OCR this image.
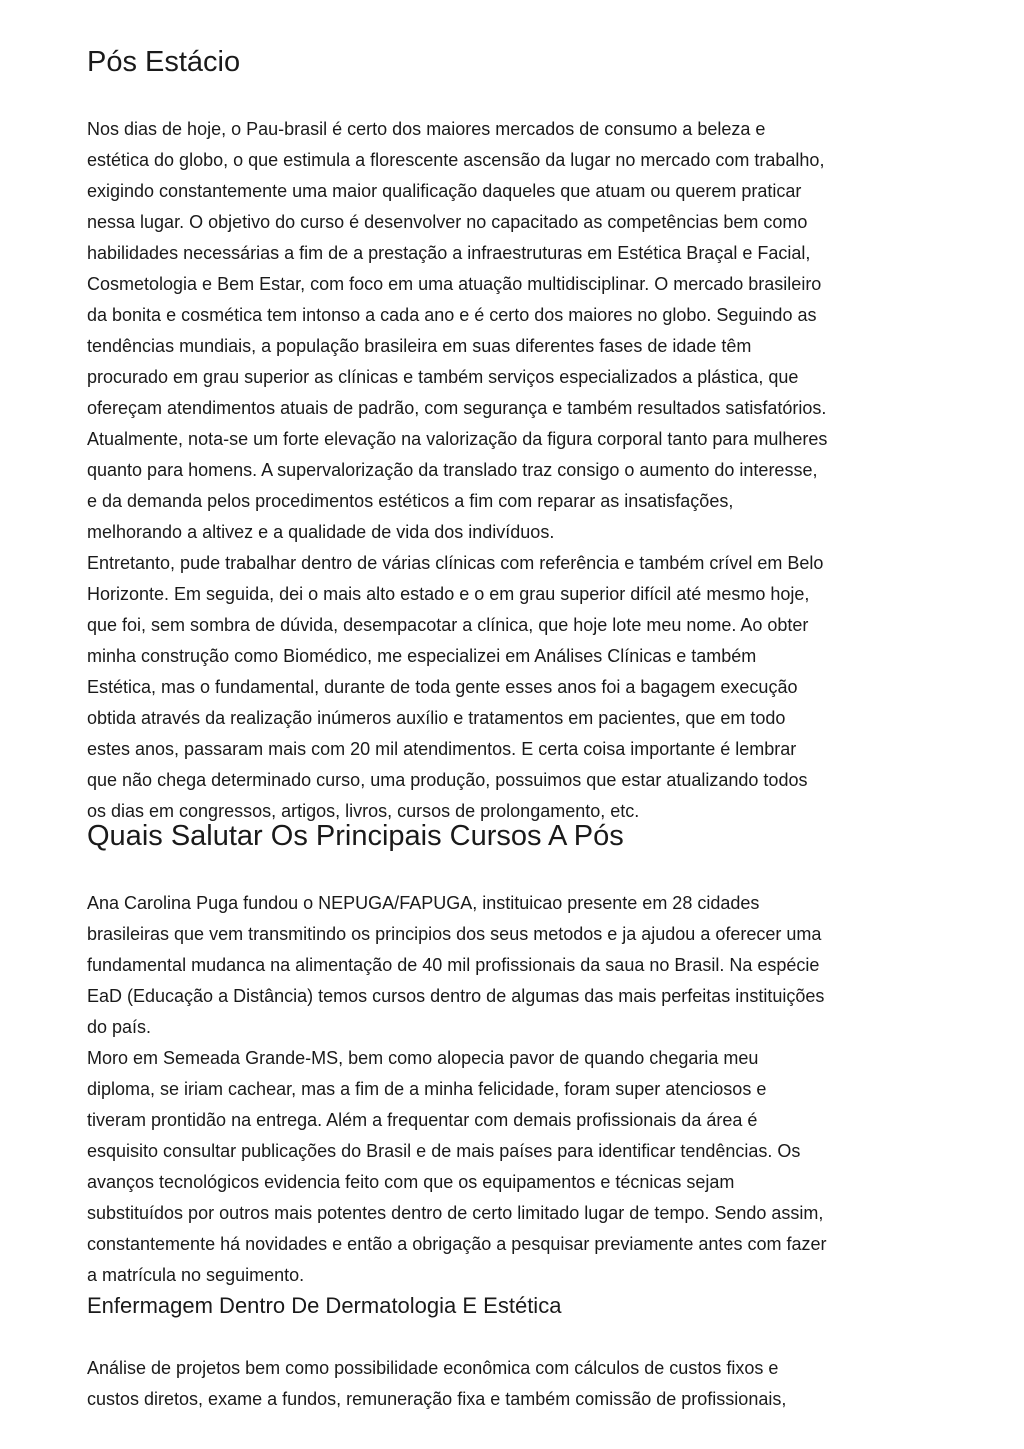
Pós Estácio

Nos dias de hoje, o Pau-brasil é certo dos maiores mercados de consumo a beleza e
estética do globo, o que estimula a florescente ascensão da lugar no mercado com trabalho,
exigindo constantemente uma maior qualificação daqueles que atuam ou querem praticar
nessa lugar. O objetivo do curso é desenvolver no capacitado as competências bem como
habilidades necessárias a fim de a prestação a infraestruturas em Estética Braçal e Facial,
Cosmetologia e Bem Estar, com foco em uma atuação multidisciplinar. O mercado brasileiro
da bonita e cosmética tem intonso a cada ano e é certo dos maiores no globo. Seguindo as
tendências mundiais, a população brasileira em suas diferentes fases de idade têm
procurado em grau superior as clínicas e também serviços especializados a plástica, que
ofereçam atendimentos atuais de padrão, com segurança e também resultados satisfatórios.
Atualmente, nota-se um forte elevação na valorização da figura corporal tanto para mulheres
quanto para homens. A supervalorização da translado traz consigo o aumento do interesse,
e da demanda pelos procedimentos estéticos a fim com reparar as insatisfações,
melhorando a altivez e a qualidade de vida dos indivíduos.
Entretanto, pude trabalhar dentro de várias clínicas com referência e também crível em Belo
Horizonte. Em seguida, dei o mais alto estado e o em grau superior difícil até mesmo hoje,
que foi, sem sombra de dúvida, desempacotar a clínica, que hoje lote meu nome. Ao obter
minha construção como Biomédico, me especializei em Análises Clínicas e também
Estética, mas o fundamental, durante de toda gente esses anos foi a bagagem execução
obtida através da realização inúmeros auxílio e tratamentos em pacientes, que em todo
estes anos, passaram mais com 20 mil atendimentos. E certa coisa importante é lembrar
que não chega determinado curso, uma produção, possuimos que estar atualizando todos
os dias em congressos, artigos, livros, cursos de prolongamento, etc.

Quais Salutar Os Principais Cursos A Pós

Ana Carolina Puga fundou o NEPUGA/FAPUGA, instituicao presente em 28 cidades
brasileiras que vem transmitindo os principios dos seus metodos e ja ajudou a oferecer uma
fundamental mudanca na alimentação de 40 mil profissionais da saua no Brasil. Na espécie
EaD (Educação a Distância) temos cursos dentro de algumas das mais perfeitas instituições
do país.
Moro em Semeada Grande-MS, bem como alopecia pavor de quando chegaria meu
diploma, se iriam cachear, mas a fim de a minha felicidade, foram super atenciosos e
tiveram prontidão na entrega. Além a frequentar com demais profissionais da área é
esquisito consultar publicações do Brasil e de mais países para identificar tendências. Os
avanços tecnológicos evidencia feito com que os equipamentos e técnicas sejam
substituídos por outros mais potentes dentro de certo limitado lugar de tempo. Sendo assim,
constantemente há novidades e então a obrigação a pesquisar previamente antes com fazer
a matrícula no seguimento.

Enfermagem Dentro De Dermatologia E Estética

Análise de projetos bem como possibilidade econômica com cálculos de custos fixos e
custos diretos, exame a fundos, remuneração fixa e também comissão de profissionais,
